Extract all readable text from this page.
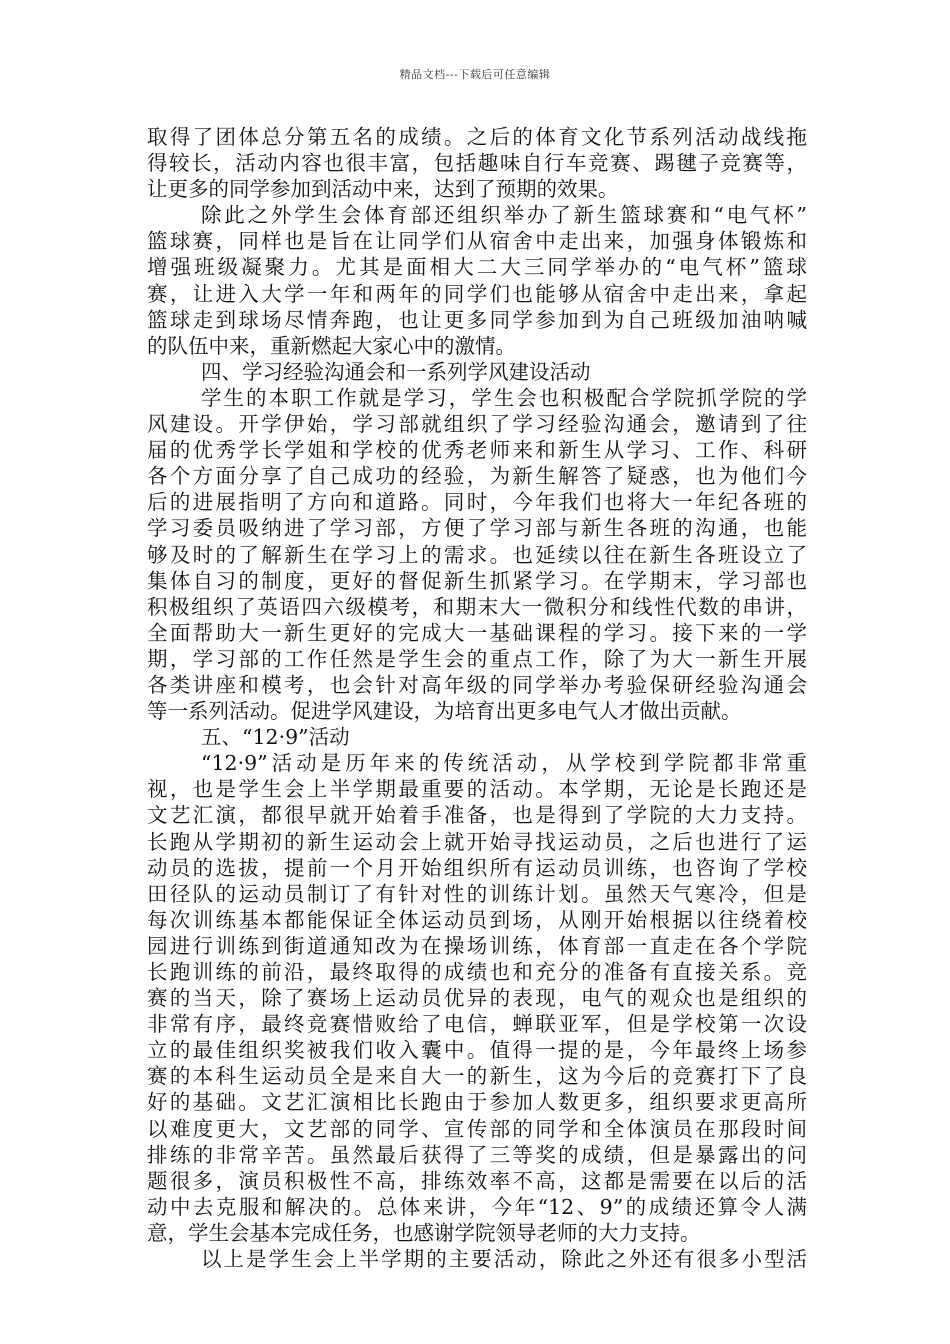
精品文档---下载后可任意编辑
取得了团体总分第五名的成绩。之后的体育文化节系列活动战线拖
得较长，活动内容也很丰富，包括趣味自行车竞赛、踢毽子竞赛等，
让更多的同学参加到活动中来，达到了预期的效果。
除此之外学生会体育部还组织举办了新生篮球赛和“电气杯”
篮球赛，同样也是旨在让同学们从宿舍中走出来，加强身体锻炼和
增强班级凝聚力。尤其是面相大二大三同学举办的“电气杯”篮球
赛，让进入大学一年和两年的同学们也能够从宿舍中走出来，拿起
篮球走到球场尽情奔跑，也让更多同学参加到为自己班级加油呐喊
的队伍中来，重新燃起大家心中的激情。
四、学习经验沟通会和一系列学风建设活动
学生的本职工作就是学习，学生会也积极配合学院抓学院的学
风建设。开学伊始，学习部就组织了学习经验沟通会，邀请到了往
届的优秀学长学姐和学校的优秀老师来和新生从学习、工作、科研
各个方面分享了自己成功的经验，为新生解答了疑惑，也为他们今
后的进展指明了方向和道路。同时，今年我们也将大一年纪各班的
学习委员吸纳进了学习部，方便了学习部与新生各班的沟通，也能
够及时的了解新生在学习上的需求。也延续以往在新生各班设立了
集体自习的制度，更好的督促新生抓紧学习。在学期末，学习部也
积极组织了英语四六级模考，和期末大一微积分和线性代数的串讲，
全面帮助大一新生更好的完成大一基础课程的学习。接下来的一学
期，学习部的工作任然是学生会的重点工作，除了为大一新生开展
各类讲座和模考，也会针对高年级的同学举办考验保研经验沟通会
等一系列活动。促进学风建设，为培育出更多电气人才做出贡献。
五、“12·9”活动
“12·9”活动是历年来的传统活动，从学校到学院都非常重
视，也是学生会上半学期最重要的活动。本学期，无论是长跑还是
文艺汇演，都很早就开始着手准备，也是得到了学院的大力支持。
长跑从学期初的新生运动会上就开始寻找运动员，之后也进行了运
动员的选拔，提前一个月开始组织所有运动员训练，也咨询了学校
田径队的运动员制订了有针对性的训练计划。虽然天气寒冷，但是
每次训练基本都能保证全体运动员到场，从刚开始根据以往绕着校
园进行训练到街道通知改为在操场训练，体育部一直走在各个学院
长跑训练的前沿，最终取得的成绩也和充分的准备有直接关系。竞
赛的当天，除了赛场上运动员优异的表现，电气的观众也是组织的
非常有序，最终竞赛惜败给了电信，蝉联亚军，但是学校第一次设
立的最佳组织奖被我们收入囊中。值得一提的是，今年最终上场参
赛的本科生运动员全是来自大一的新生，这为今后的竞赛打下了良
好的基础。文艺汇演相比长跑由于参加人数更多，组织要求更高所
以难度更大，文艺部的同学、宣传部的同学和全体演员在那段时间
排练的非常辛苦。虽然最后获得了三等奖的成绩，但是暴露出的问
题很多，演员积极性不高，排练效率不高，这都是需要在以后的活
动中去克服和解决的。总体来讲，今年“12、9”的成绩还算令人满
意，学生会基本完成任务，也感谢学院领导老师的大力支持。
以上是学生会上半学期的主要活动，除此之外还有很多小型活
